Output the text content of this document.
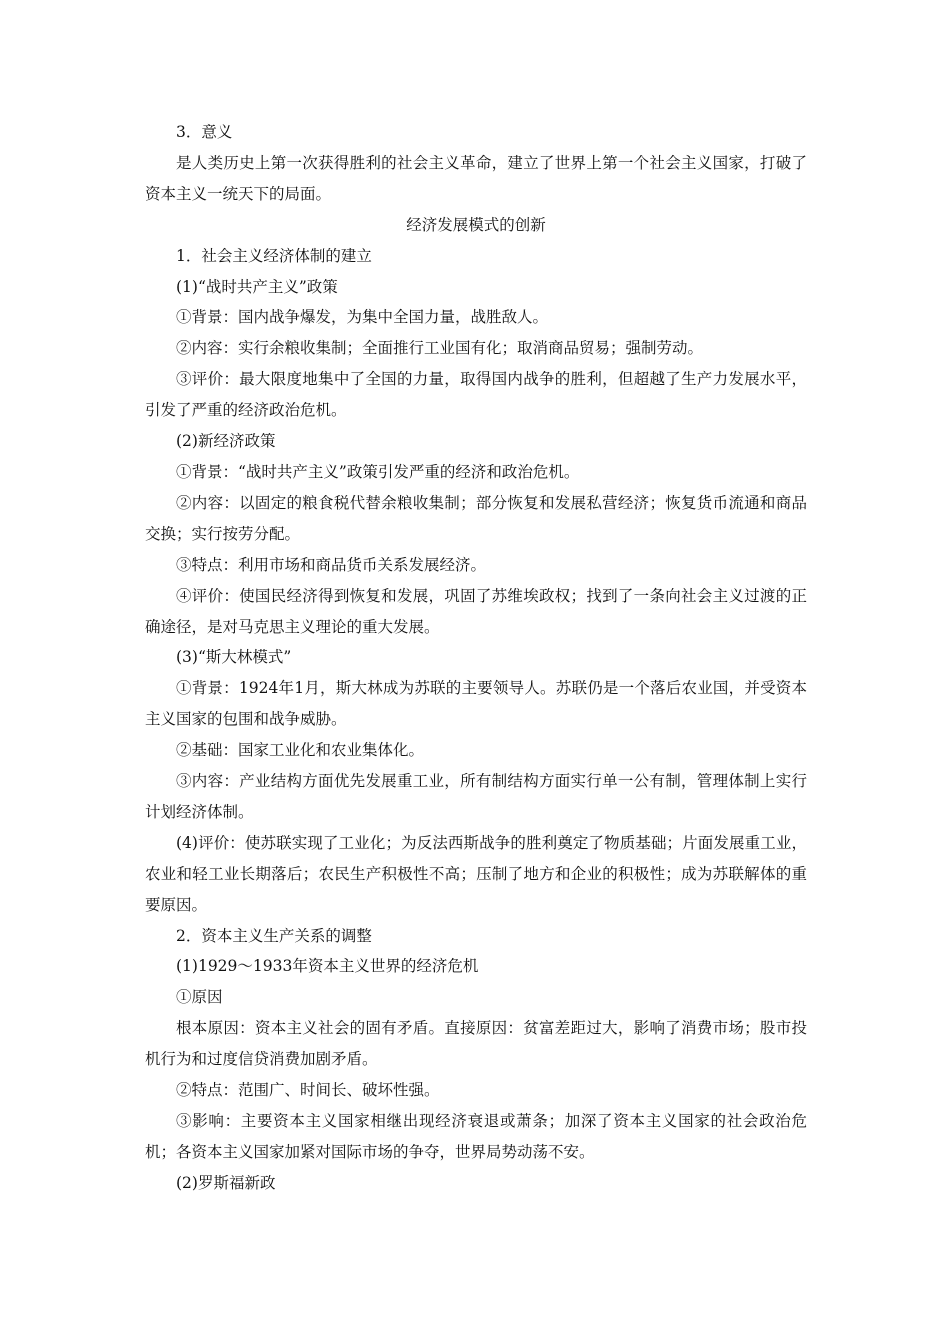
3．意义

是人类历史上第一次获得胜利的社会主义革命，建立了世界上第一个社会主义国家，打破了资本主义一统天下的局面。

经济发展模式的创新

1．社会主义经济体制的建立

(1)“战时共产主义”政策

①背景：国内战争爆发，为集中全国力量，战胜敌人。

②内容：实行余粮收集制；全面推行工业国有化；取消商品贸易；强制劳动。

③评价：最大限度地集中了全国的力量，取得国内战争的胜利，但超越了生产力发展水平，引发了严重的经济政治危机。

(2)新经济政策

①背景：“战时共产主义”政策引发严重的经济和政治危机。

②内容：以固定的粮食税代替余粮收集制；部分恢复和发展私营经济；恢复货币流通和商品交换；实行按劳分配。

③特点：利用市场和商品货币关系发展经济。

④评价：使国民经济得到恢复和发展，巩固了苏维埃政权；找到了一条向社会主义过渡的正确途径，是对马克思主义理论的重大发展。

(3)“斯大林模式”

①背景：1924年1月，斯大林成为苏联的主要领导人。苏联仍是一个落后农业国，并受资本主义国家的包围和战争威胁。

②基础：国家工业化和农业集体化。

③内容：产业结构方面优先发展重工业，所有制结构方面实行单一公有制，管理体制上实行计划经济体制。

(4)评价：使苏联实现了工业化；为反法西斯战争的胜利奠定了物质基础；片面发展重工业，农业和轻工业长期落后；农民生产积极性不高；压制了地方和企业的积极性；成为苏联解体的重要原因。

2．资本主义生产关系的调整

(1)1929～1933年资本主义世界的经济危机

①原因

根本原因：资本主义社会的固有矛盾。直接原因：贫富差距过大，影响了消费市场；股市投机行为和过度信贷消费加剧矛盾。

②特点：范围广、时间长、破坏性强。

③影响：主要资本主义国家相继出现经济衰退或萧条；加深了资本主义国家的社会政治危机；各资本主义国家加紧对国际市场的争夺，世界局势动荡不安。

(2)罗斯福新政
